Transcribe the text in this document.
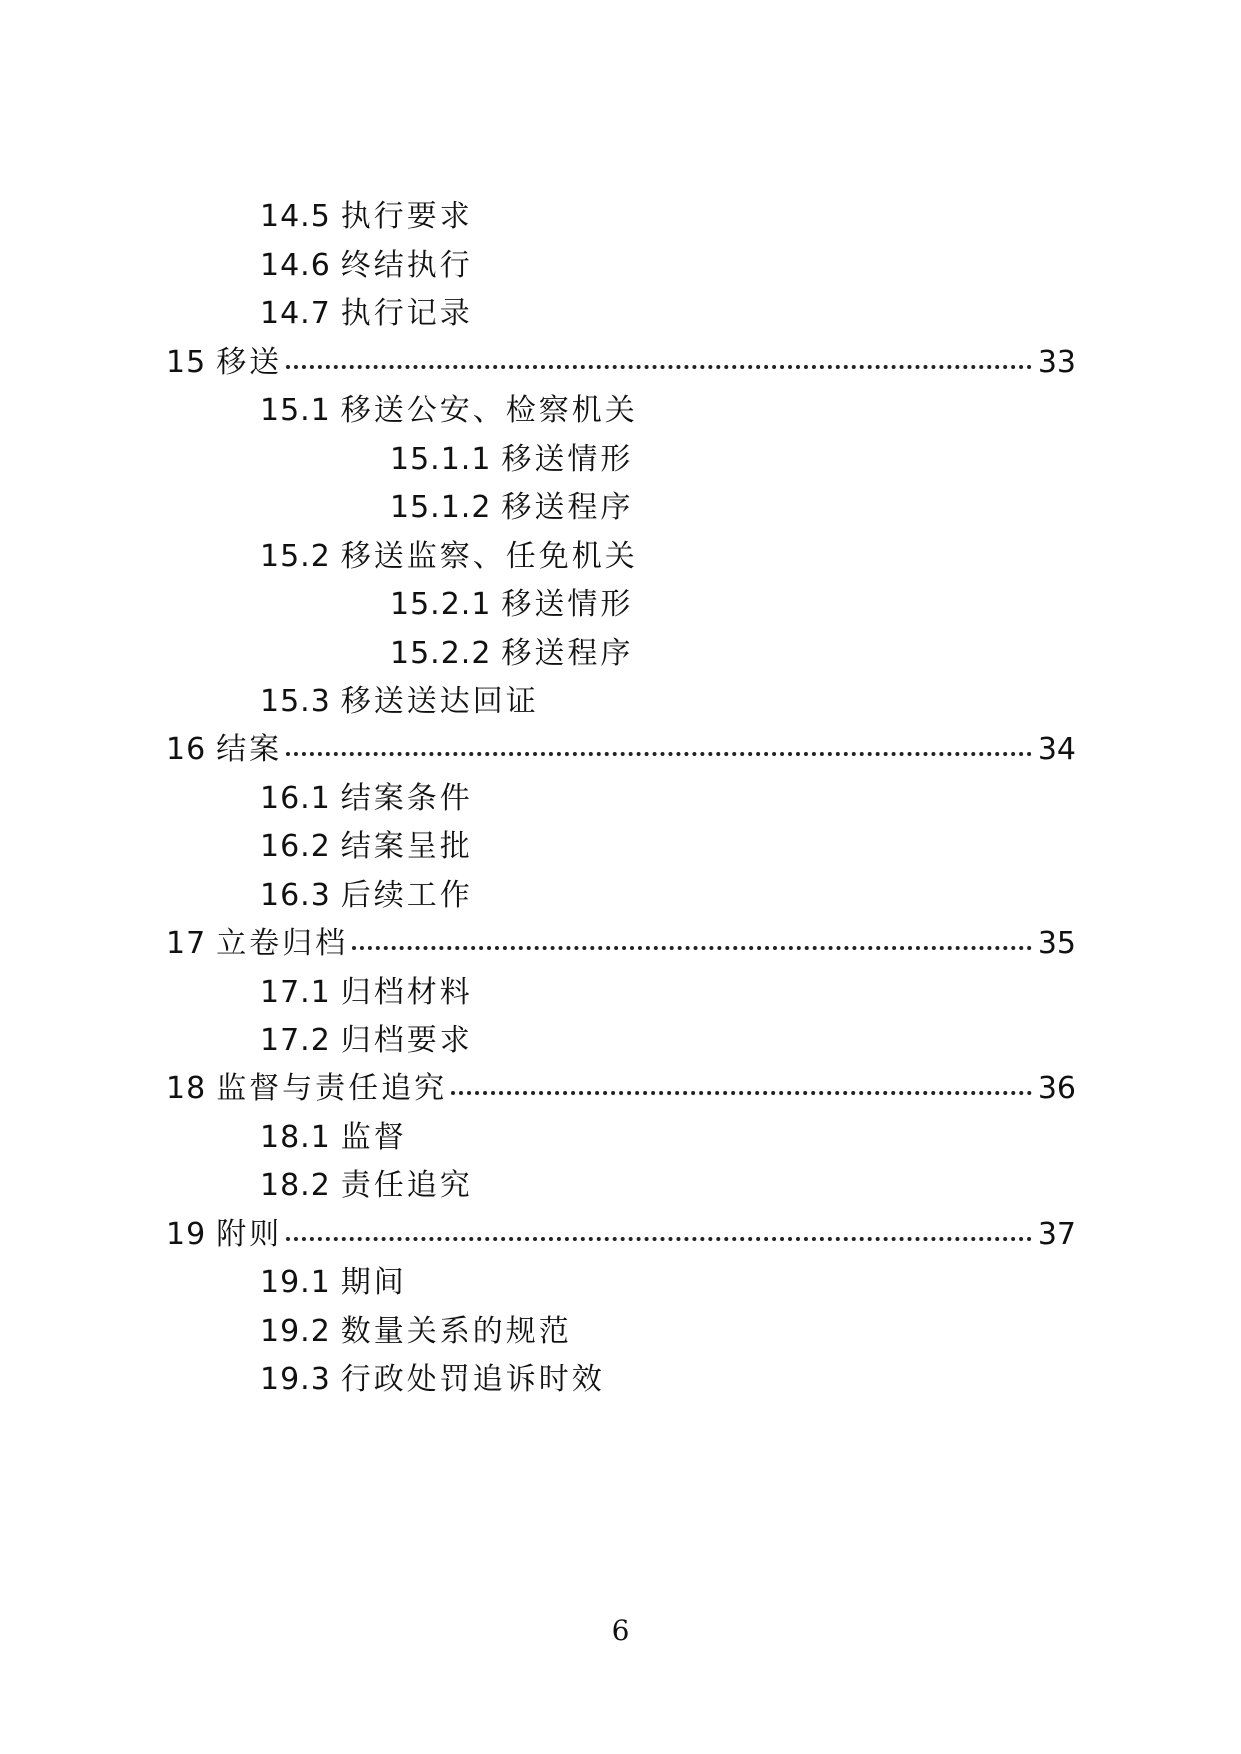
14.5 执行要求
14.6 终结执行
14.7 执行记录
15 移送	33
15.1 移送公安、检察机关
15.1.1 移送情形
15.1.2 移送程序
15.2 移送监察、任免机关
15.2.1 移送情形
15.2.2 移送程序
15.3 移送送达回证
16 结案	34
16.1 结案条件
16.2 结案呈批
16.3 后续工作
17 立卷归档	35
17.1 归档材料
17.2 归档要求
18 监督与责任追究	36
18.1 监督
18.2 责任追究
19 附则	37
19.1 期间
19.2 数量关系的规范
19.3 行政处罚追诉时效
6
